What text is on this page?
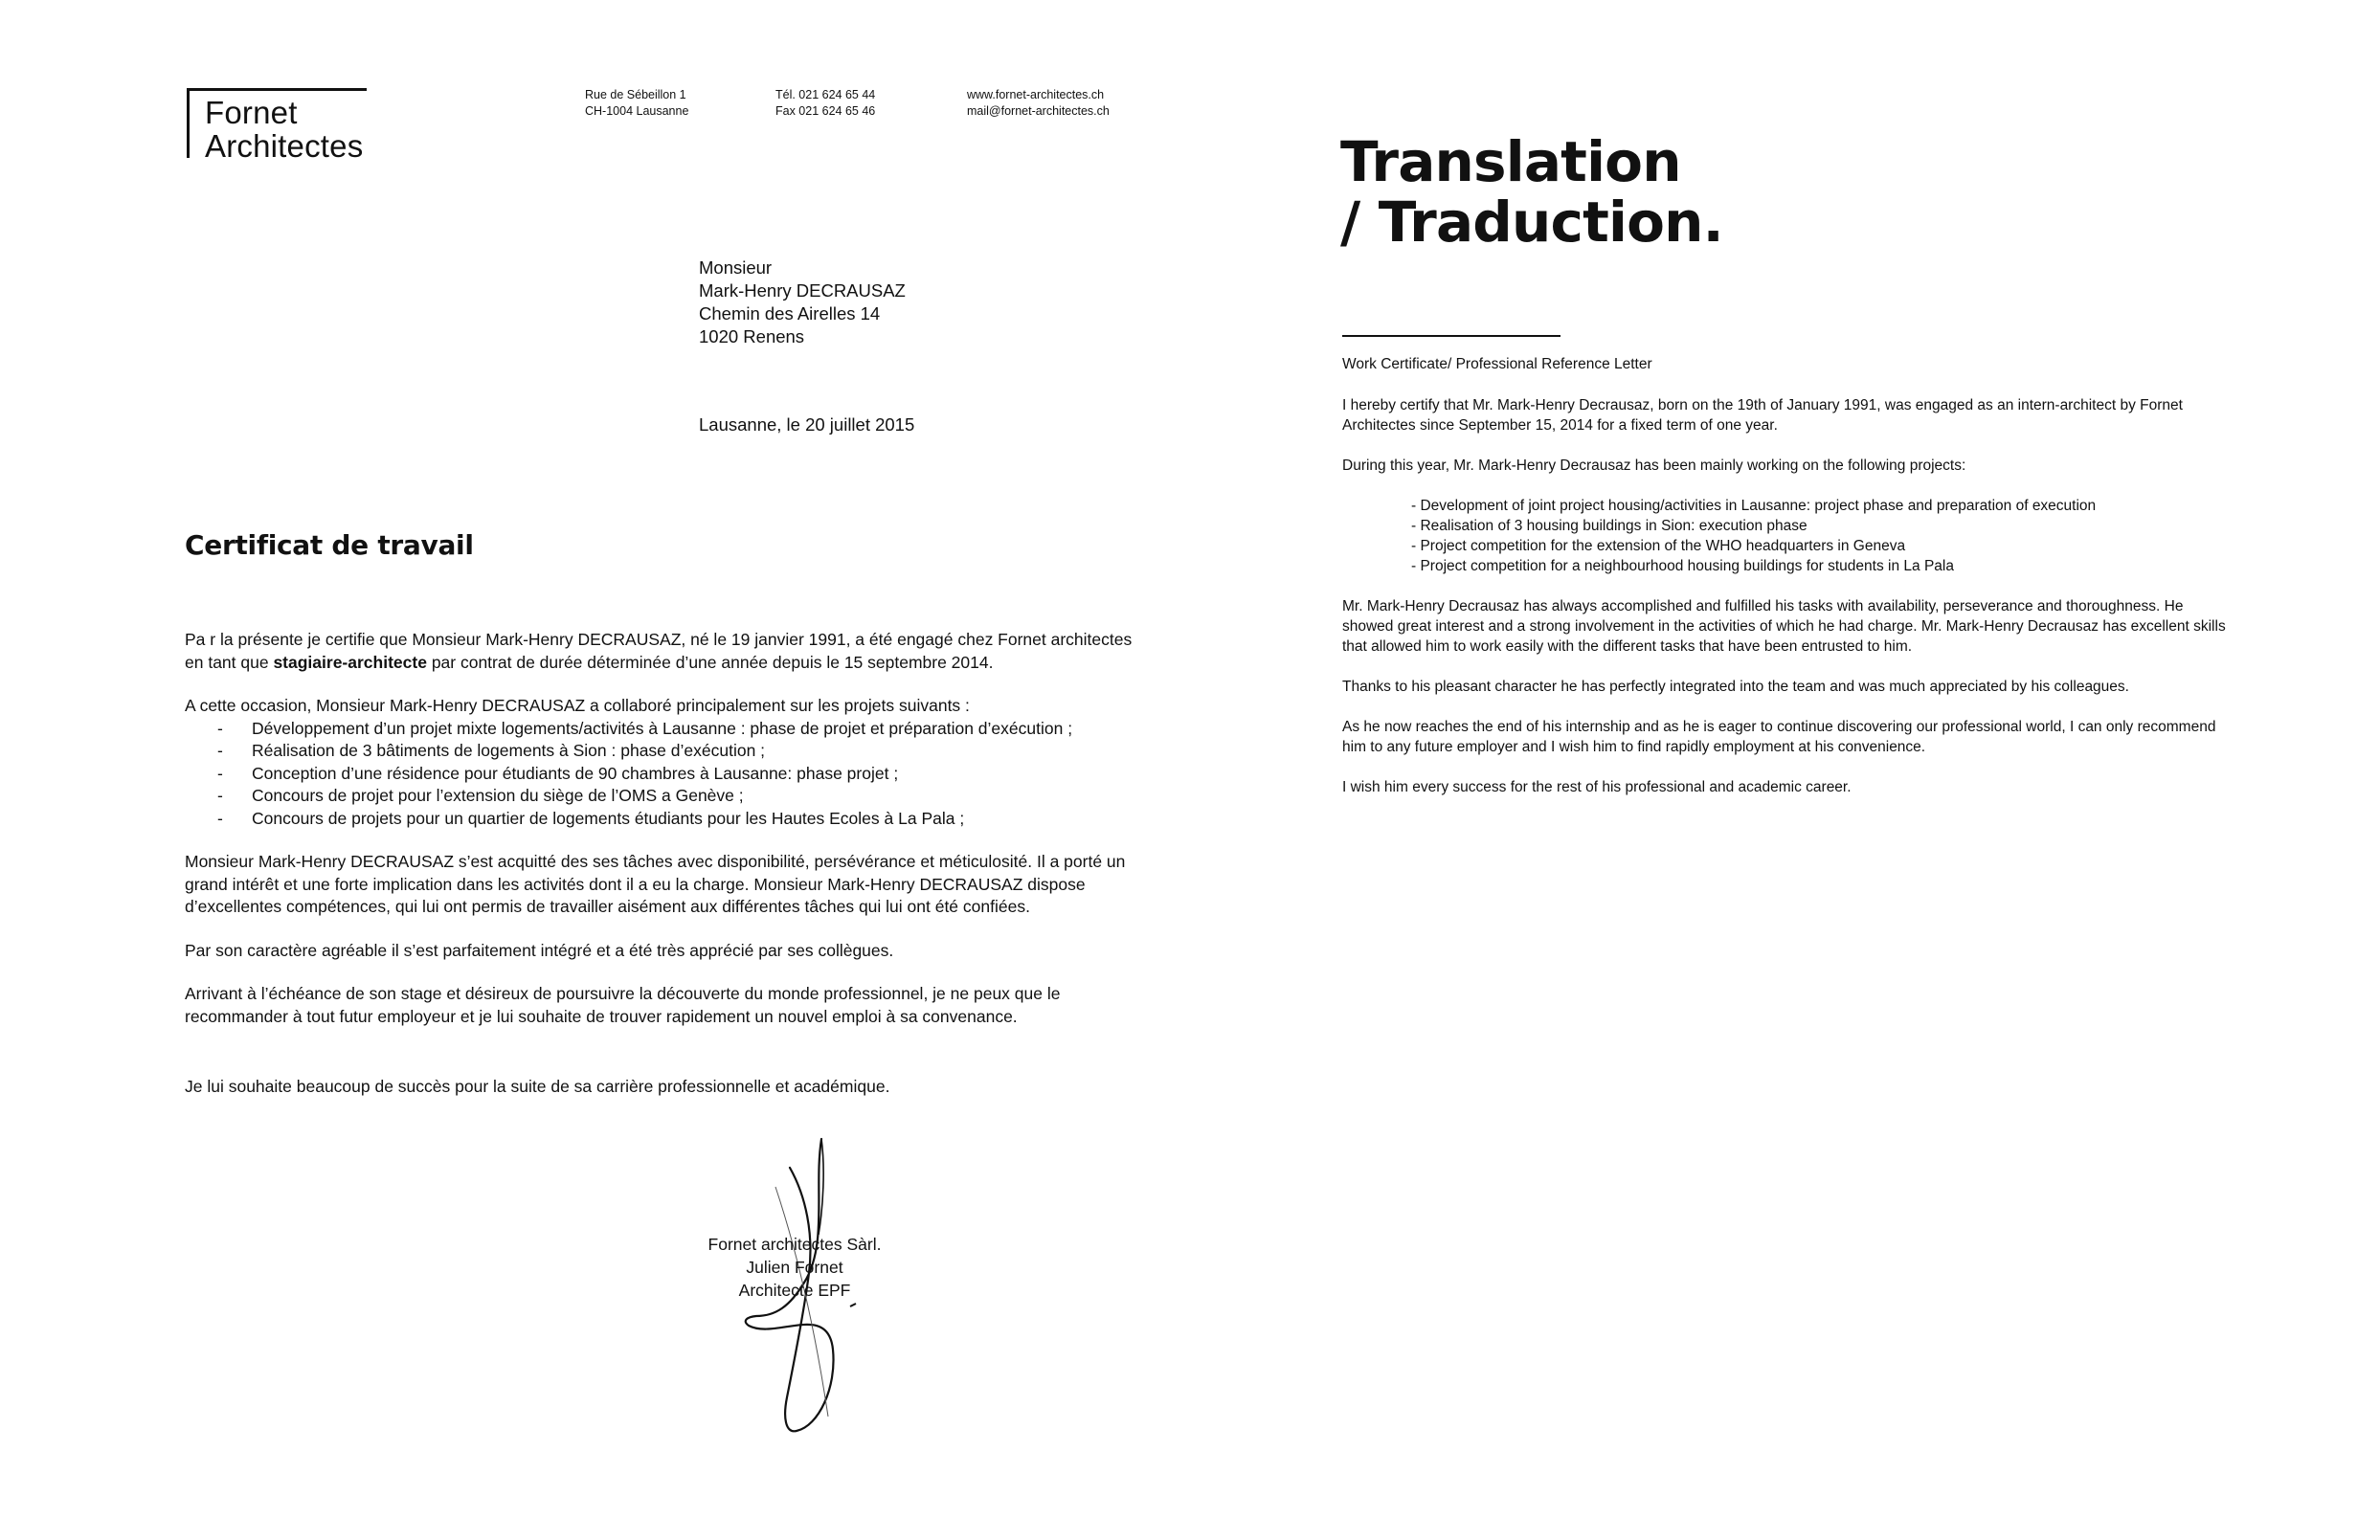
Fornet
Architectes
Rue de Sébeillon 1
CH-1004 Lausanne
Tél. 021 624 65 44
Fax 021 624 65 46
www.fornet-architectes.ch
mail@fornet-architectes.ch
Monsieur
Mark-Henry DECRAUSAZ
Chemin des Airelles 14
1020 Renens
Lausanne, le 20 juillet 2015
Certificat de travail

Pa r la présente je certifie que Monsieur Mark-Henry DECRAUSAZ, né le 19 janvier 1991, a été engagé chez Fornet architectes en tant que stagiaire-architecte par contrat de durée déterminée d’une année depuis le 15 septembre 2014.

A cette occasion, Monsieur Mark-Henry DECRAUSAZ a collaboré principalement sur les projets suivants :
- Développement d’un projet mixte logements/activités à Lausanne : phase de projet et préparation d’exécution ;
- Réalisation de 3 bâtiments de logements à Sion : phase d’exécution ;
- Conception d’une résidence pour étudiants de 90 chambres à Lausanne: phase projet ;
- Concours de projet pour l’extension du siège de l’OMS a Genève ;
- Concours de projets pour un quartier de logements étudiants pour les Hautes Ecoles à La Pala ;

Monsieur Mark-Henry DECRAUSAZ s’est acquitté des ses tâches avec disponibilité, persévérance et méticulosité. Il a porté un grand intérêt et une forte implication dans les activités dont il a eu la charge. Monsieur Mark-Henry DECRAUSAZ dispose d’excellentes compétences, qui lui ont permis de travailler aisément aux différentes tâches qui lui ont été confiées.

Par son caractère agréable il s’est parfaitement intégré et a été très apprécié par ses collègues.

Arrivant à l’échéance de son stage et désireux de poursuivre la découverte du monde professionnel, je ne peux que le recommander à tout futur employeur et je lui souhaite de trouver rapidement un nouvel emploi à sa convenance.

Je lui souhaite beaucoup de succès pour la suite de sa carrière professionnelle et académique.
Fornet architectes Sàrl.
Julien Fornet
Architecte EPF
Translation
/ Traduction.
Work Certificate/ Professional Reference Letter

I hereby certify that Mr. Mark-Henry Decrausaz, born on the 19th of January 1991, was engaged as an intern-architect by Fornet Architectes since September 15, 2014 for a fixed term of one year.

During this year, Mr. Mark-Henry Decrausaz has been mainly working on the following projects:

- Development of joint project housing/activities in Lausanne: project phase and preparation of execution
- Realisation of 3 housing buildings in Sion: execution phase
- Project competition for the extension of the WHO headquarters in Geneva
- Project competition for a neighbourhood housing buildings for students in La Pala

Mr. Mark-Henry Decrausaz has always accomplished and fulfilled his tasks with availability, perseverance and thoroughness. He showed great interest and a strong involvement in the activities of which he had charge. Mr. Mark-Henry Decrausaz has excellent skills that allowed him to work easily with the different tasks that have been entrusted to him.

Thanks to his pleasant character he has perfectly integrated into the team and was much appreciated by his colleagues.

As he now reaches the end of his internship and as he is eager to continue discovering our professional world, I can only recommend him to any future employer and I wish him to find rapidly employment at his convenience.

I wish him every success for the rest of his professional and academic career.
